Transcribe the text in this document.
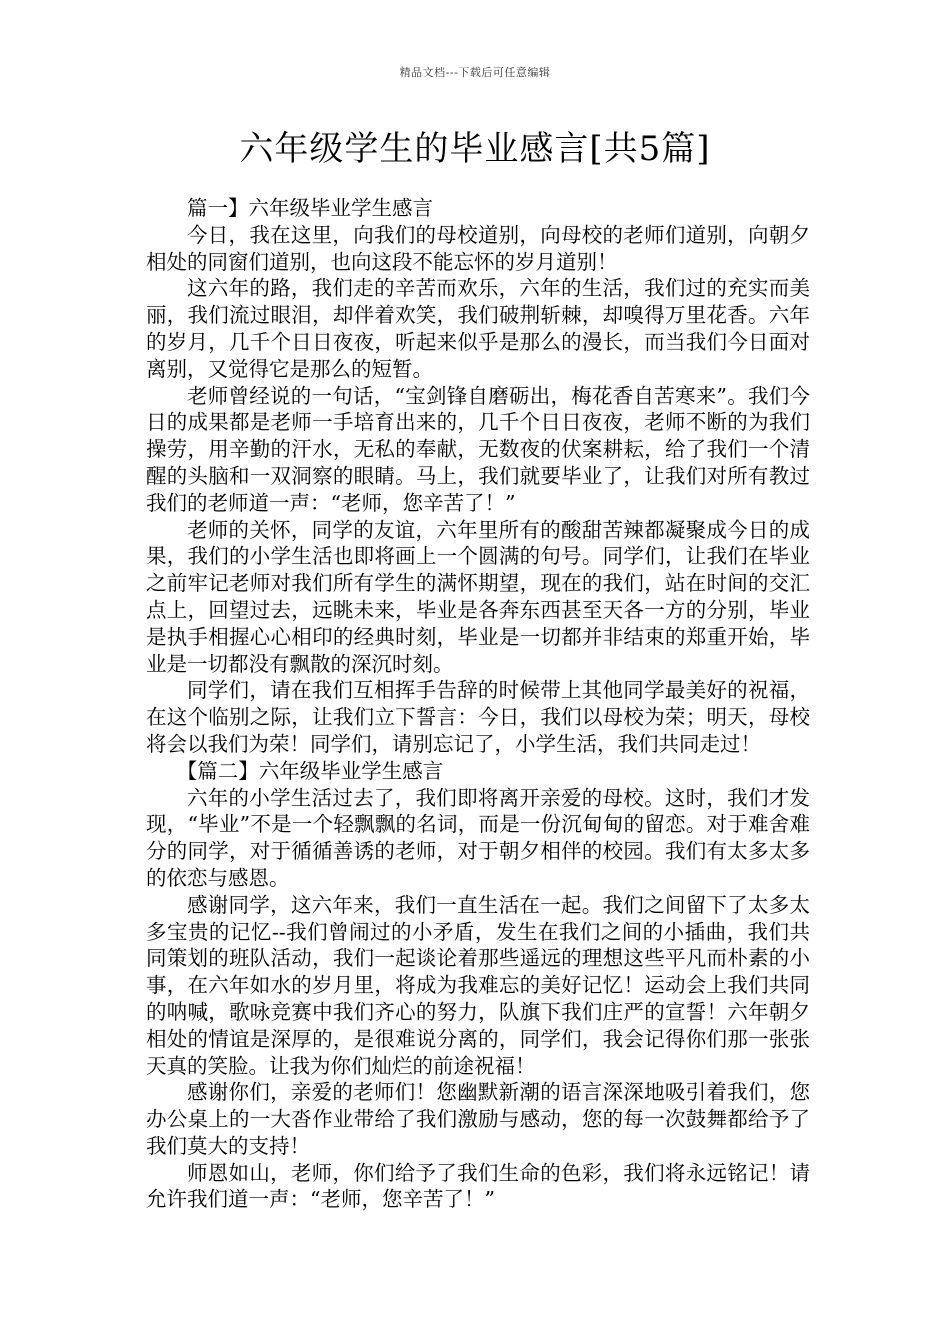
精品文档---下载后可任意编辑
六年级学生的毕业感言[共5篇]

篇一】六年级毕业学生感言

今日，我在这里，向我们的母校道别，向母校的老师们道别，向朝夕相处的同窗们道别，也向这段不能忘怀的岁月道别！

这六年的路，我们走的辛苦而欢乐，六年的生活，我们过的充实而美丽，我们流过眼泪，却伴着欢笑，我们破荆斩棘，却嗅得万里花香。六年的岁月，几千个日日夜夜，听起来似乎是那么的漫长，而当我们今日面对离别，又觉得它是那么的短暂。

老师曾经说的一句话，“宝剑锋自磨砺出，梅花香自苦寒来”。我们今日的成果都是老师一手培育出来的，几千个日日夜夜，老师不断的为我们操劳，用辛勤的汗水，无私的奉献，无数夜的伏案耕耘，给了我们一个清醒的头脑和一双洞察的眼睛。马上，我们就要毕业了，让我们对所有教过我们的老师道一声：“老师，您辛苦了！”

老师的关怀，同学的友谊，六年里所有的酸甜苦辣都凝聚成今日的成果，我们的小学生活也即将画上一个圆满的句号。同学们，让我们在毕业之前牢记老师对我们所有学生的满怀期望，现在的我们，站在时间的交汇点上，回望过去，远眺未来，毕业是各奔东西甚至天各一方的分别，毕业是执手相握心心相印的经典时刻，毕业是一切都并非结束的郑重开始，毕业是一切都没有飘散的深沉时刻。

同学们，请在我们互相挥手告辞的时候带上其他同学最美好的祝福，在这个临别之际，让我们立下誓言：今日，我们以母校为荣；明天，母校将会以我们为荣！同学们，请别忘记了，小学生活，我们共同走过！

【篇二】六年级毕业学生感言

六年的小学生活过去了，我们即将离开亲爱的母校。这时，我们才发现，“毕业”不是一个轻飘飘的名词，而是一份沉甸甸的留恋。对于难舍难分的同学，对于循循善诱的老师，对于朝夕相伴的校园。我们有太多太多的依恋与感恩。

感谢同学，这六年来，我们一直生活在一起。我们之间留下了太多太多宝贵的记忆--我们曾闹过的小矛盾，发生在我们之间的小插曲，我们共同策划的班队活动，我们一起谈论着那些遥远的理想这些平凡而朴素的小事，在六年如水的岁月里，将成为我难忘的美好记忆！运动会上我们共同的呐喊，歌咏竞赛中我们齐心的努力，队旗下我们庄严的宣誓！六年朝夕相处的情谊是深厚的，是很难说分离的，同学们，我会记得你们那一张张天真的笑脸。让我为你们灿烂的前途祝福！

感谢你们，亲爱的老师们！您幽默新潮的语言深深地吸引着我们，您办公桌上的一大沓作业带给了我们激励与感动，您的每一次鼓舞都给予了我们莫大的支持！

师恩如山，老师，你们给予了我们生命的色彩，我们将永远铭记！请允许我们道一声：“老师，您辛苦了！”
